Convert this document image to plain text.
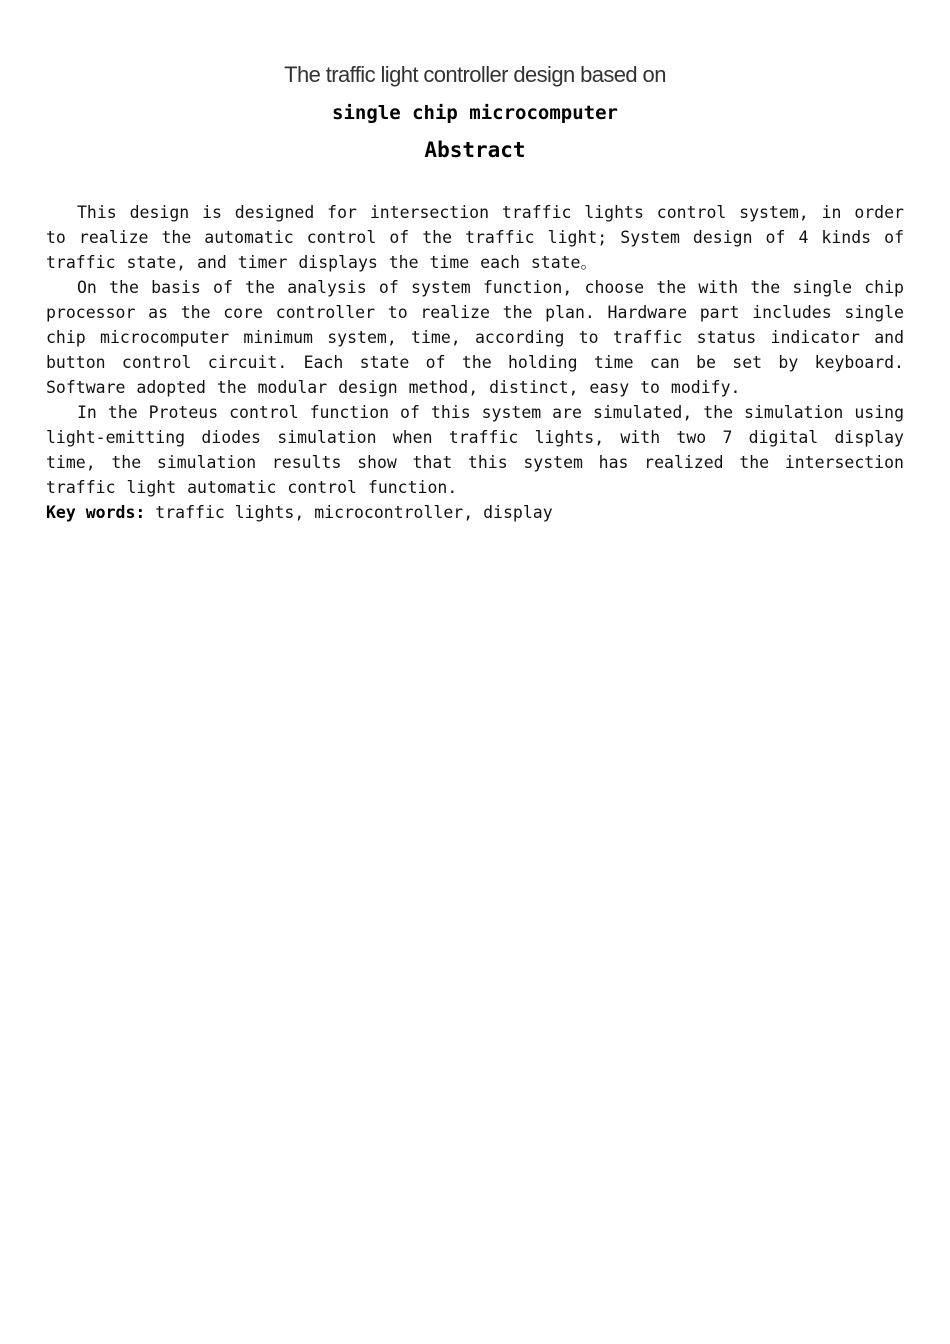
The traffic light controller design based on
single chip microcomputer
Abstract

This design is designed for intersection traffic lights control system, in order to realize the automatic control of the traffic light; System design of 4 kinds of traffic state, and timer displays the time each state。

On the basis of the analysis of system function, choose the with the single chip processor as the core controller to realize the plan. Hardware part includes single chip microcomputer minimum system, time, according to traffic status indicator and button control circuit. Each state of the holding time can be set by keyboard. Software adopted the modular design method, distinct, easy to modify.

In the Proteus control function of this system are simulated, the simulation using light-emitting diodes simulation when traffic lights, with two 7 digital display time, the simulation results show that this system has realized the intersection traffic light automatic control function.

Key words: traffic lights, microcontroller, display
